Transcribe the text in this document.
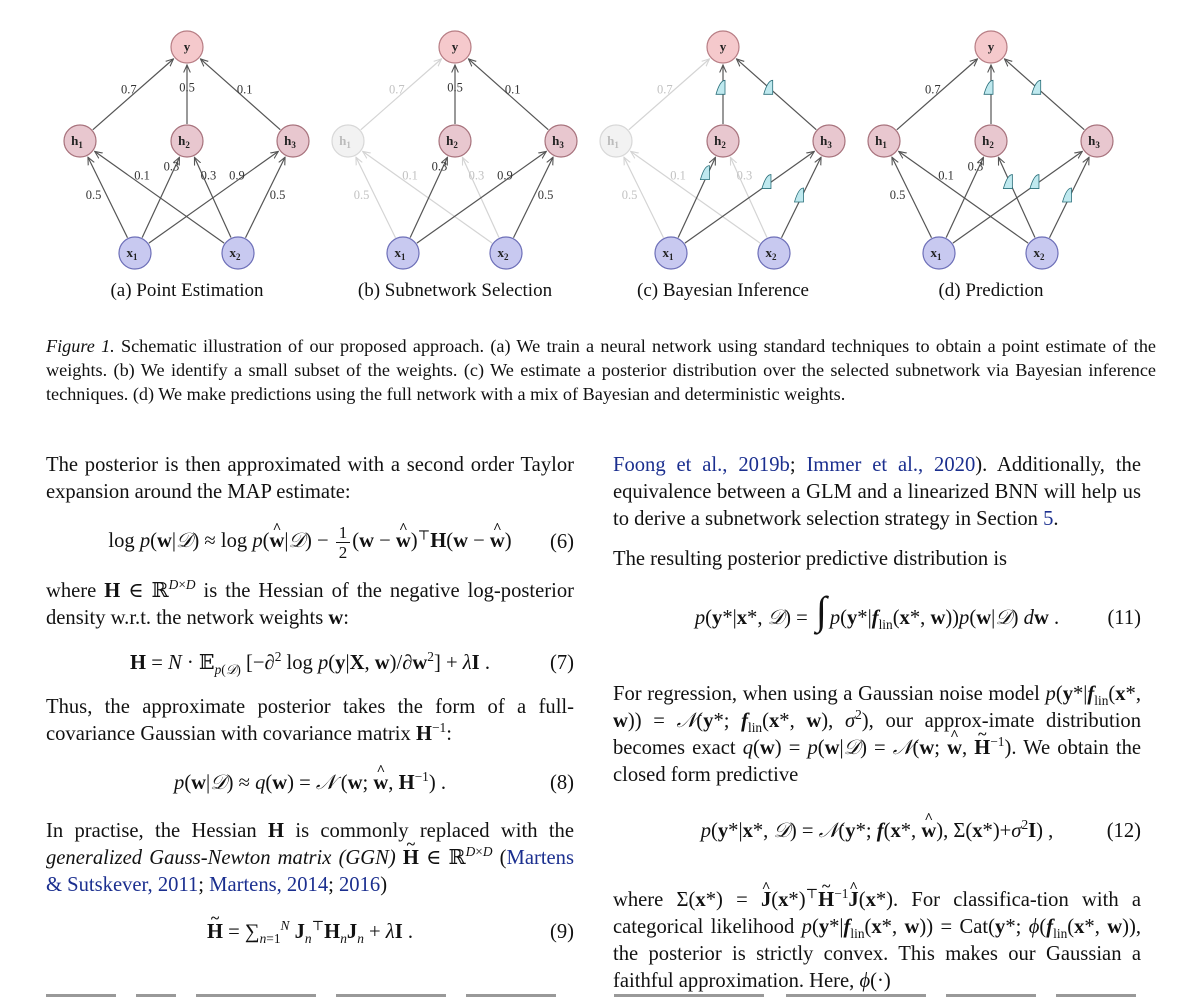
0.7	0.5	0.1
0.5
0.1
0.3
0.3 0.9
0.5
y
$h_1$	$h_2$	$h_3$
$x_1$	$x_2$
0.7	0.5	0.1
0.5
0.1
0.3
0.3 0.9
0.5
y
$h_1$	$h_2$	$h_3$
$x_1$	$x_2$
0.7
0.5
0.1	0.3
y
$h_1$	$h_2$	$h_3$
$x_1$	$x_2$
0.7
0.5
0.1
0.3
y
$h_1$	$h_2$	$h_3$
$x_1$	$x_2$
(a) Point Estimation	(b) Subnetwork Selection	(c) Bayesian Inference	(d) Prediction
Figure 1. Schematic illustration of our proposed approach. (a) We train a neural network using standard techniques to obtain a point estimate of the weights. (b) We identify a small subset of the weights. (c) We estimate a posterior distribution over the selected subnetwork via Bayesian inference techniques. (d) We make predictions using the full network with a mix of Bayesian and deterministic weights.

The posterior is then approximated with a second order Taylor expansion around the MAP estimate:

log p(w|𝒟) ≈ log p(^ w|𝒟) − $\frac{1}{2} (w$ − ^ w)⊤H(w − ^ w) (6)

where H ∈ ℝ$^{D\times D}$ is the Hessian of the negative log-posterior density w.r.t. the network weights w:

H = N · 𝔼$_{p(𝒟)}$ [−∂$^2$ log p(y|X, $w)/\partial w^2] + \lambda I$ .	(7)

Thus, the approximate posterior takes the form of a full-covariance Gaussian with covariance matrix $H^{-1}$:

p(w|𝒟) ≈ q(w) = 𝒩 (w; ^ w, $H^{-1}$) .	(8)

In practise, the Hessian H is commonly replaced with the generalized Gauss-Newton matrix (GGN) ~ H ∈ ℝ$^{D\times D}$ (Martens & Sutskever, 2011; Martens, 2014; 2016)

~ $H = \sum_{n=1}^N$ $J_n^⊤H_nJ_n + \lambda I$ .	(9)

Foong et al., 2019b; Immer et al., 2020). Additionally, the equivalence between a GLM and a linearized BNN will help us to derive a subnetwork selection strategy in Section 5.

The resulting posterior predictive distribution is

p(y*|x*, 𝒟) = ∫ $p(y*|f_{lin}(x*$, w))p(w|𝒟) dw . (11)

For regression, when using a Gaussian noise model $p(y*|f_{lin}(x*$, w)) = 𝒩(y*; $f_{lin}(x*$, w), $\sigma^2$), our approx-imate distribution becomes exact q(w) = p(w|𝒟) = 𝒩(w; ^ w, ~ $H^{-1}$). We obtain the closed form predictive

p(y*|x*, 𝒟) = 𝒩(y*; f(x*, ^ w), $\Sigma(x*)+\sigma^2I$) ,	(12)

where Σ(x*) = ^ J(x*)⊤~ $H^{-1}\^{}$ J(x*). For classifica-tion with a categorical likelihood $p(y*|f_{lin}(x*$, w)) = Cat(y*; $\phi(f_{lin}(x*$, w)), the posterior is strictly convex. This makes our Gaussian a faithful approximation. Here, ϕ(·)
